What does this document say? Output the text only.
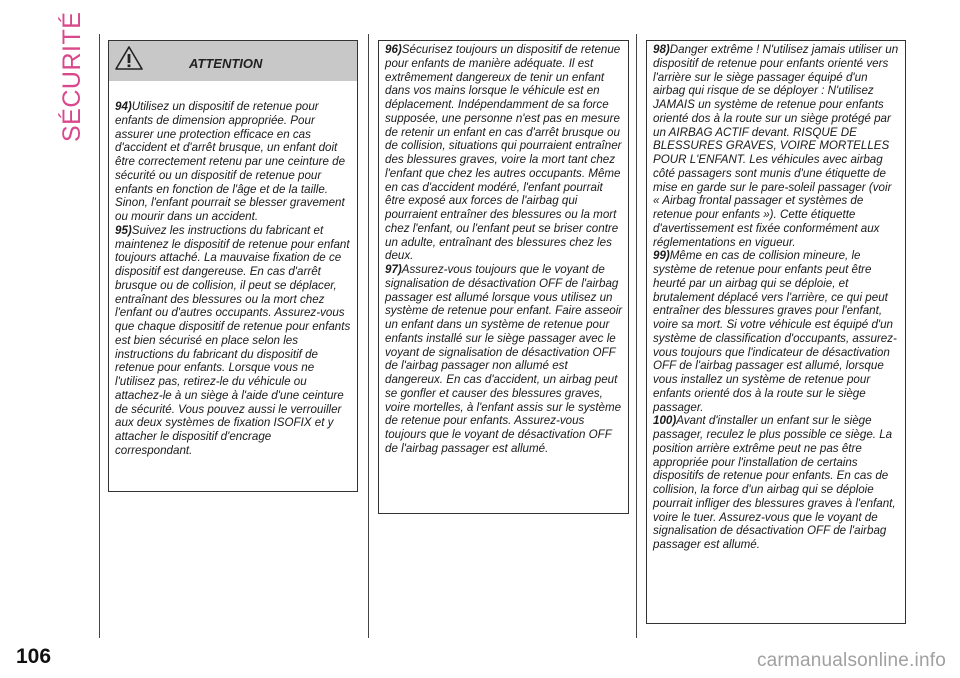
SÉCURITÉ	ATTENTION

94)Utilisez un dispositif de retenue pour enfants de dimension appropriée. Pour assurer une protection efficace en cas d'accident et d'arrêt brusque, un enfant doit être correctement retenu par une ceinture de sécurité ou un dispositif de retenue pour enfants en fonction de l'âge et de la taille. Sinon, l'enfant pourrait se blesser gravement ou mourir dans un accident.

95)Suivez les instructions du fabricant et maintenez le dispositif de retenue pour enfant toujours attaché. La mauvaise fixation de ce dispositif est dangereuse. En cas d'arrêt brusque ou de collision, il peut se déplacer, entraînant des blessures ou la mort chez l'enfant ou d'autres occupants. Assurez-vous que chaque dispositif de retenue pour enfants est bien sécurisé en place selon les instructions du fabricant du dispositif de retenue pour enfants. Lorsque vous ne l'utilisez pas, retirez-le du véhicule ou attachez-le à un siège à l'aide d'une ceinture de sécurité. Vous pouvez aussi le verrouiller aux deux systèmes de fixation ISOFIX et y attacher le dispositif d'encrage correspondant.

96)Sécurisez toujours un dispositif de retenue pour enfants de manière adéquate. Il est extrêmement dangereux de tenir un enfant dans vos mains lorsque le véhicule est en déplacement. Indépendamment de sa force supposée, une personne n'est pas en mesure de retenir un enfant en cas d'arrêt brusque ou de collision, situations qui pourraient entraîner des blessures graves, voire la mort tant chez l'enfant que chez les autres occupants. Même en cas d'accident modéré, l'enfant pourrait être exposé aux forces de l'airbag qui pourraient entraîner des blessures ou la mort chez l'enfant, ou l'enfant peut se briser contre un adulte, entraînant des blessures chez les deux.

97)Assurez-vous toujours que le voyant de signalisation de désactivation OFF de l'airbag passager est allumé lorsque vous utilisez un système de retenue pour enfant. Faire asseoir un enfant dans un système de retenue pour enfants installé sur le siège passager avec le voyant de signalisation de désactivation OFF de l'airbag passager non allumé est dangereux. En cas d'accident, un airbag peut se gonfler et causer des blessures graves, voire mortelles, à l'enfant assis sur le système de retenue pour enfants. Assurez-vous toujours que le voyant de désactivation OFF de l'airbag passager est allumé.

98)Danger extrême ! N'utilisez jamais utiliser un dispositif de retenue pour enfants orienté vers l'arrière sur le siège passager équipé d'un airbag qui risque de se déployer : N'utilisez JAMAIS un système de retenue pour enfants orienté dos à la route sur un siège protégé par un AIRBAG ACTIF devant. RISQUE DE BLESSURES GRAVES, VOIRE MORTELLES POUR L'ENFANT. Les véhicules avec airbag côté passagers sont munis d'une étiquette de mise en garde sur le pare-soleil passager (voir « Airbag frontal passager et systèmes de retenue pour enfants »). Cette étiquette d'avertissement est fixée conformément aux réglementations en vigueur.

99)Même en cas de collision mineure, le système de retenue pour enfants peut être heurté par un airbag qui se déploie, et brutalement déplacé vers l'arrière, ce qui peut entraîner des blessures graves pour l'enfant, voire sa mort. Si votre véhicule est équipé d'un système de classification d'occupants, assurez-vous toujours que l'indicateur de désactivation OFF de l'airbag passager est allumé, lorsque vous installez un système de retenue pour enfants orienté dos à la route sur le siège passager.

100)Avant d'installer un enfant sur le siège passager, reculez le plus possible ce siège. La position arrière extrême peut ne pas être appropriée pour l'installation de certains dispositifs de retenue pour enfants. En cas de collision, la force d'un airbag qui se déploie pourrait infliger des blessures graves à l'enfant, voire le tuer. Assurez-vous que le voyant de signalisation de désactivation OFF de l'airbag passager est allumé.

106	carmanualsonline.info
